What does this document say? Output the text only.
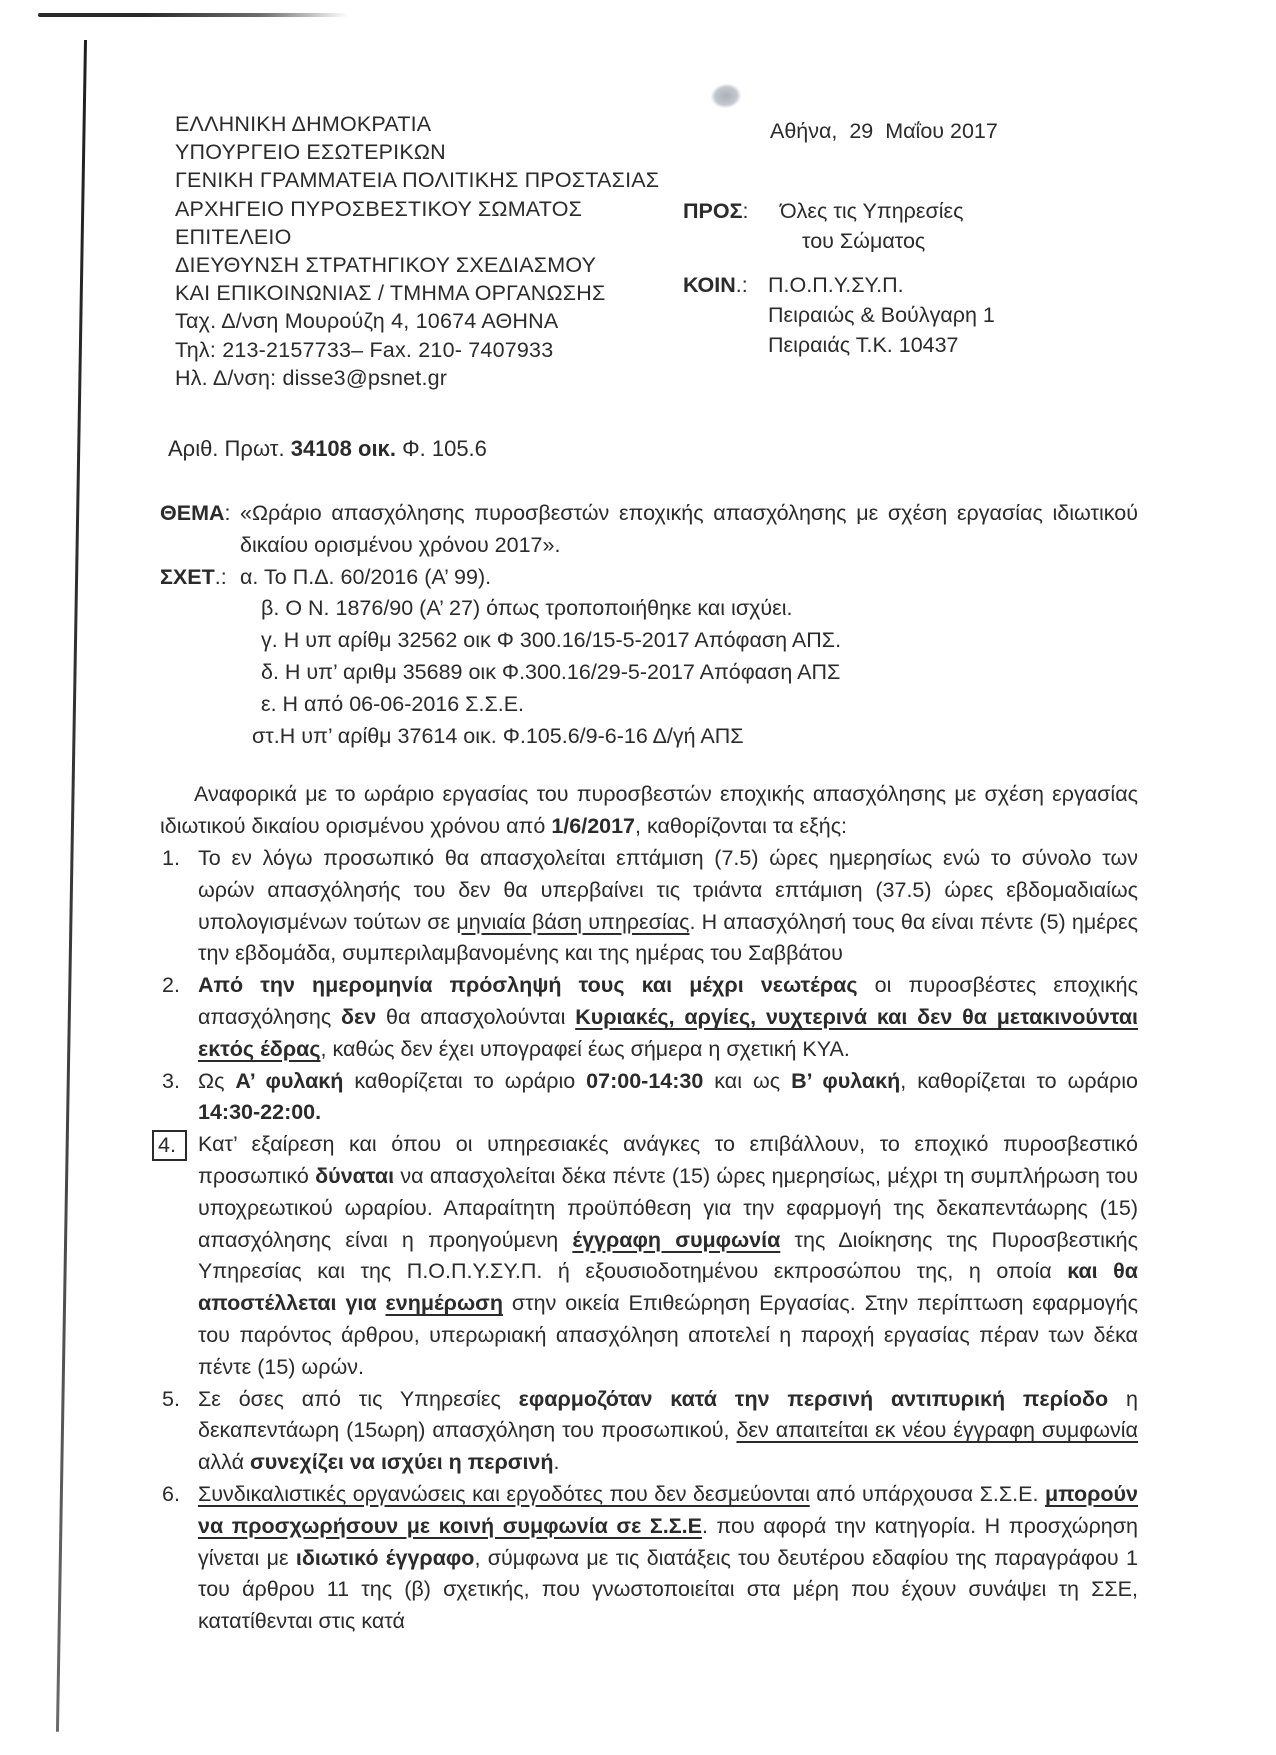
ΕΛΛΗΝΙΚΗ ΔΗΜΟΚΡΑΤΙΑ
ΥΠΟΥΡΓΕΙΟ ΕΣΩΤΕΡΙΚΩΝ
ΓΕΝΙΚΗ ΓΡΑΜΜΑΤΕΙΑ ΠΟΛΙΤΙΚΗΣ ΠΡΟΣΤΑΣΙΑΣ
ΑΡΧΗΓΕΙΟ ΠΥΡΟΣΒΕΣΤΙΚΟΥ ΣΩΜΑΤΟΣ
ΕΠΙΤΕΛΕΙΟ
ΔΙΕΥΘΥΝΣΗ ΣΤΡΑΤΗΓΙΚΟΥ ΣΧΕΔΙΑΣΜΟΥ
ΚΑΙ ΕΠΙΚΟΙΝΩΝΙΑΣ / ΤΜΗΜΑ ΟΡΓΑΝΩΣΗΣ
Ταχ. Δ/νση Μουρούζη 4, 10674 ΑΘΗΝΑ
Τηλ: 213-2157733– Fax. 210- 7407933
Ηλ. Δ/νση: disse3@psnet.gr
Αθήνα,  29  Μαΐου 2017
ΠΡΟΣ:	Όλες τις Υπηρεσίες
του Σώματος
ΚΟΙΝ.: Π.Ο.Π.Υ.ΣΥ.Π.
Πειραιώς & Βούλγαρη 1
Πειραιάς Τ.Κ. 10437
Αριθ. Πρωτ. 34108 οικ. Φ. 105.6
ΘΕΜΑ: «Ωράριο απασχόλησης πυροσβεστών εποχικής απασχόλησης με σχέση εργασίας ιδιωτικού δικαίου ορισμένου χρόνου 2017».
ΣΧΕΤ.: α. Το Π.Δ. 60/2016 (Α’ 99).
β. Ο Ν. 1876/90 (Α’ 27) όπως τροποποιήθηκε και ισχύει.
γ. Η υπ αρίθμ 32562 οικ Φ 300.16/15-5-2017 Απόφαση ΑΠΣ.
δ. Η υπ’ αριθμ 35689 οικ Φ.300.16/29-5-2017 Απόφαση ΑΠΣ
ε. Η από 06-06-2016 Σ.Σ.Ε.
στ.Η υπ’ αρίθμ 37614 οικ. Φ.105.6/9-6-16 Δ/γή ΑΠΣ

Αναφορικά με το ωράριο εργασίας του πυροσβεστών εποχικής απασχόλησης με σχέση εργασίας ιδιωτικού δικαίου ορισμένου χρόνου από 1/6/2017, καθορίζονται τα εξής:

1. Το εν λόγω προσωπικό θα απασχολείται επτάμιση (7.5) ώρες ημερησίως ενώ το σύνολο των ωρών απασχόλησής του δεν θα υπερβαίνει τις τριάντα επτάμιση (37.5) ώρες εβδομαδιαίως υπολογισμένων τούτων σε μηνιαία βάση υπηρεσίας. Η απασχόλησή τους θα είναι πέντε (5) ημέρες την εβδομάδα, συμπεριλαμβανομένης και της ημέρας του Σαββάτου
2. Από την ημερομηνία πρόσληψή τους και μέχρι νεωτέρας οι πυροσβέστες εποχικής απασχόλησης δεν θα απασχολούνται Κυριακές, αργίες, νυχτερινά και δεν θα μετακινούνται εκτός έδρας, καθώς δεν έχει υπογραφεί έως σήμερα η σχετική ΚΥΑ.
3. Ως Α’ φυλακή καθορίζεται το ωράριο 07:00-14:30 και ως Β’ φυλακή, καθορίζεται το ωράριο 14:30-22:00.
4.	Κατ’ εξαίρεση και όπου οι υπηρεσιακές ανάγκες το επιβάλλουν, το εποχικό πυροσβεστικό προσωπικό δύναται να απασχολείται δέκα πέντε (15) ώρες ημερησίως, μέχρι τη συμπλήρωση του υποχρεωτικού ωραρίου. Απαραίτητη προϋπόθεση για την εφαρμογή της δεκαπεντάωρης (15) απασχόλησης είναι η προηγούμενη έγγραφη συμφωνία της Διοίκησης της Πυροσβεστικής Υπηρεσίας και της Π.Ο.Π.Υ.ΣΥ.Π. ή εξουσιοδοτημένου εκπροσώπου της, η οποία και θα αποστέλλεται για ενημέρωση στην οικεία Επιθεώρηση Εργασίας. Στην περίπτωση εφαρμογής του παρόντος άρθρου, υπερωριακή απασχόληση αποτελεί η παροχή εργασίας πέραν των δέκα πέντε (15) ωρών.
5. Σε όσες από τις Υπηρεσίες εφαρμοζόταν κατά την περσινή αντιπυρική περίοδο η δεκαπεντάωρη (15ωρη) απασχόληση του προσωπικού, δεν απαιτείται εκ νέου έγγραφη συμφωνία αλλά συνεχίζει να ισχύει η περσινή.
6. Συνδικαλιστικές οργανώσεις και εργοδότες που δεν δεσμεύονται από υπάρχουσα Σ.Σ.Ε. μπορούν να προσχωρήσουν με κοινή συμφωνία σε Σ.Σ.Ε. που αφορά την κατηγορία. Η προσχώρηση γίνεται με ιδιωτικό έγγραφο, σύμφωνα με τις διατάξεις του δευτέρου εδαφίου της παραγράφου 1 του άρθρου 11 της (β) σχετικής, που γνωστοποιείται στα μέρη που έχουν συνάψει τη ΣΣΕ, κατατίθενται στις κατά
